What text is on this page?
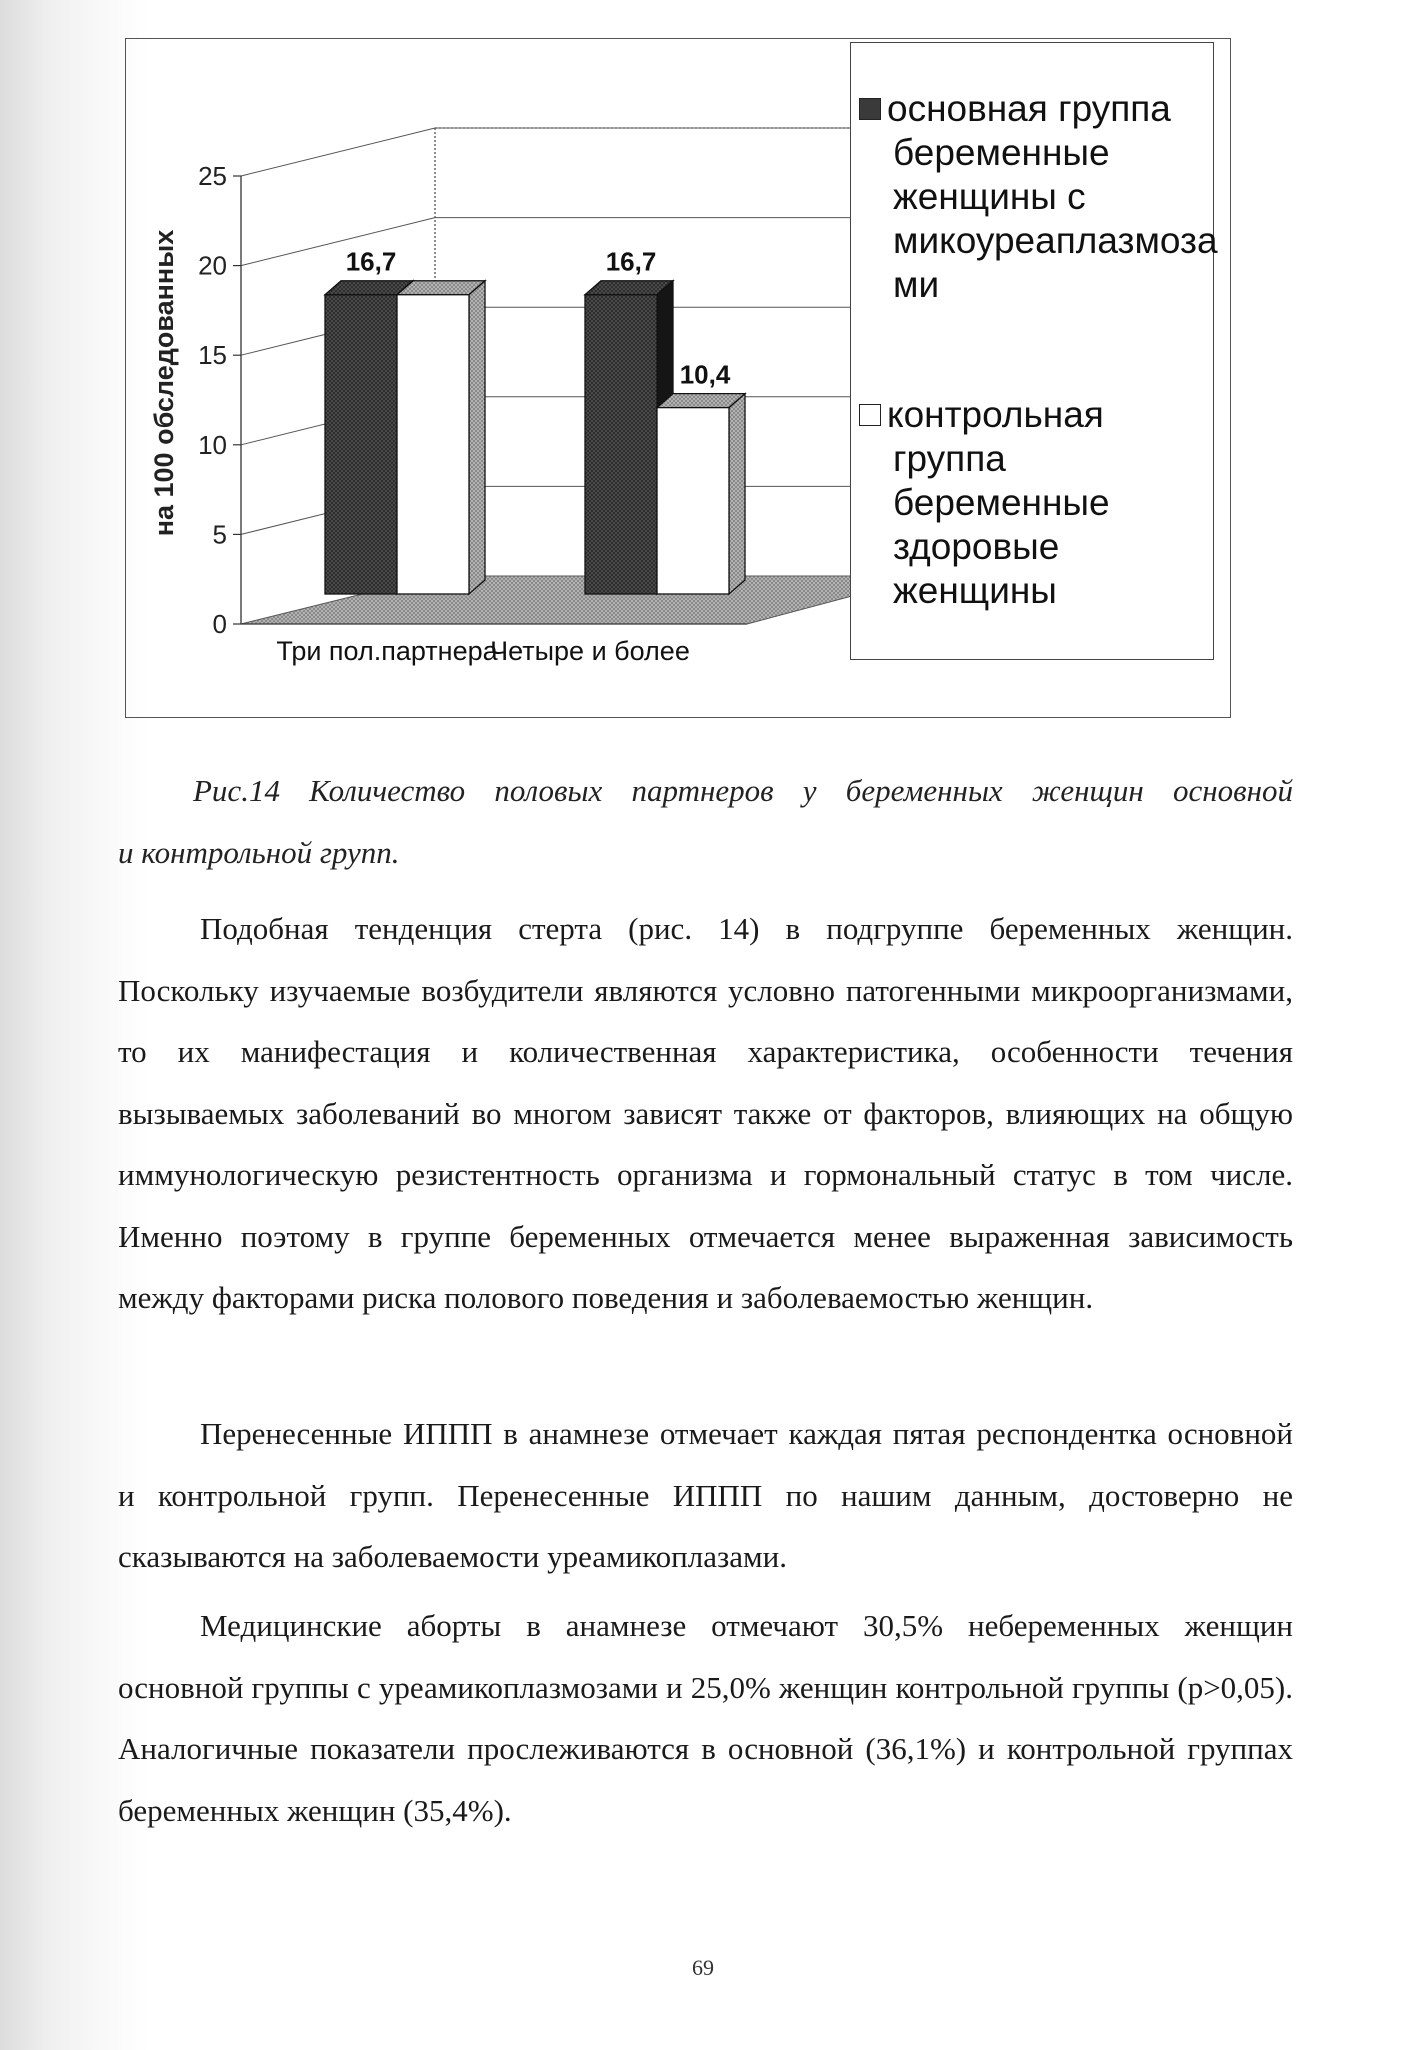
0
5
10
15
20
25
16,7
Три пол.партнера
16,7
10,4
Четыре и более
на 100 обследованных
основная группа
беременные
женщины с
микоуреаплазмоза
ми
контрольная
группа
беременные
здоровые
женщины
Рис.14 Количество половых партнеров у беременных женщин основной
и контрольной групп.

Подобная тенденция стерта (рис. 14) в подгруппе беременных женщин. Поскольку изучаемые возбудители являются условно патогенными микроорганизмами, то их манифестация и количественная характеристика, особенности течения вызываемых заболеваний во многом зависят также от факторов, влияющих на общую иммунологическую резистентность организма и гормональный статус в том числе. Именно поэтому в группе беременных отмечается менее выраженная зависимость между факторами риска полового поведения и заболеваемостью женщин.

Перенесенные ИППП в анамнезе отмечает каждая пятая респондентка основной и контрольной групп. Перенесенные ИППП по нашим данным, достоверно не сказываются на заболеваемости уреамикоплазами.

Медицинские аборты в анамнезе отмечают 30,5% небеременных женщин основной группы с уреамикоплазмозами и 25,0% женщин контрольной группы (p>0,05). Аналогичные показатели прослеживаются в основной (36,1%) и контрольной группах беременных женщин (35,4%).

69
